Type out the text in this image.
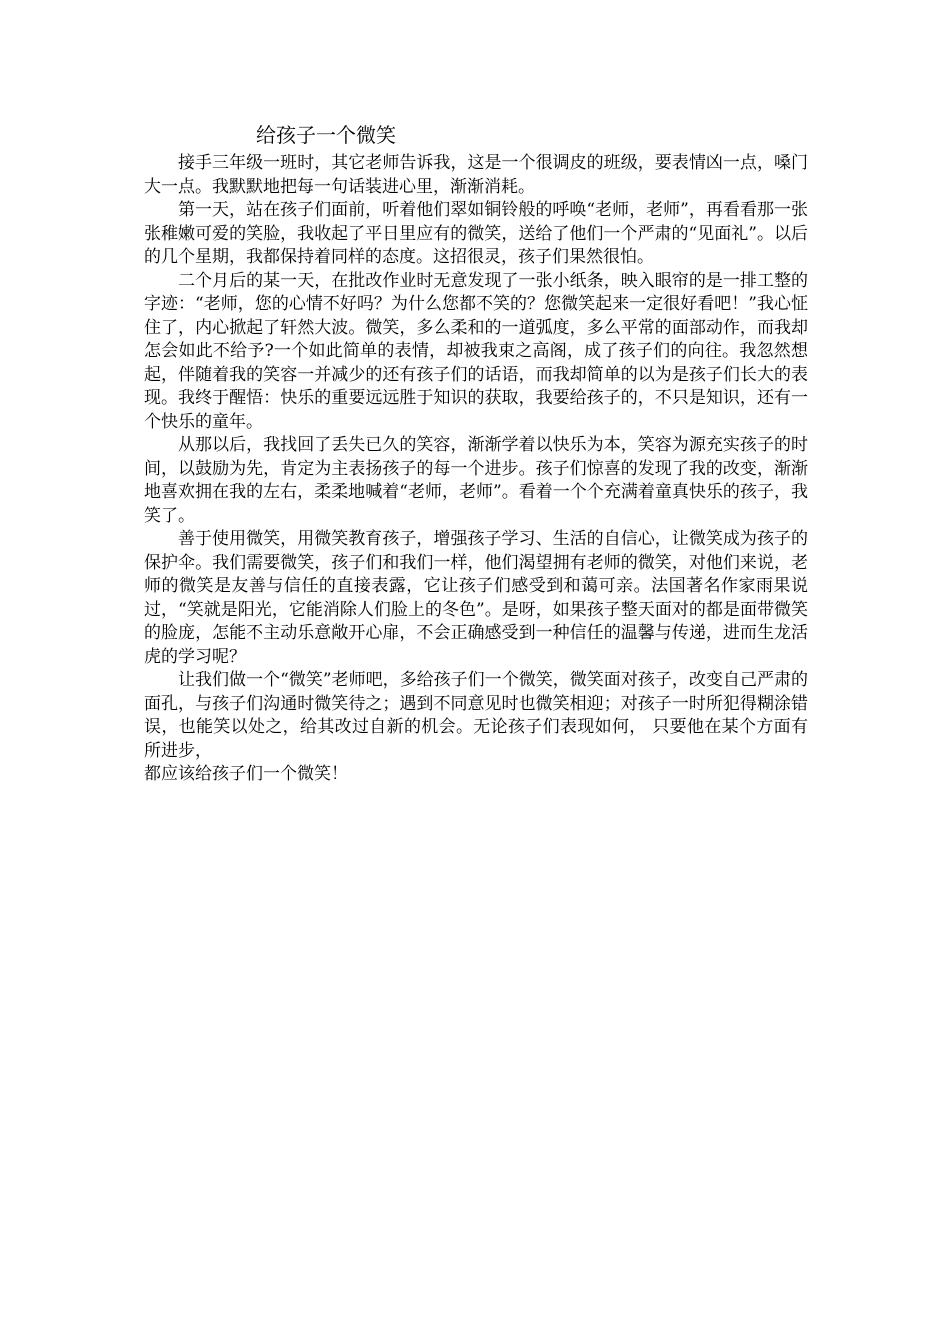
给孩子一个微笑

接手三年级一班时，其它老师告诉我，这是一个很调皮的班级，要表情凶一点，嗓门大一点。我默默地把每一句话装进心里，渐渐消耗。

第一天，站在孩子们面前，听着他们翠如铜铃般的呼唤“老师，老师”，再看看那一张张稚嫩可爱的笑脸，我收起了平日里应有的微笑，送给了他们一个严肃的“见面礼”。以后的几个星期，我都保持着同样的态度。这招很灵，孩子们果然很怕。

二个月后的某一天，在批改作业时无意发现了一张小纸条，映入眼帘的是一排工整的字迹：“老师，您的心情不好吗？为什么您都不笑的？您微笑起来一定很好看吧！”我心怔住了，内心掀起了轩然大波。微笑，多么柔和的一道弧度，多么平常的面部动作，而我却怎会如此不给予?一个如此简单的表情，却被我束之高阁，成了孩子们的向往。我忽然想起，伴随着我的笑容一并减少的还有孩子们的话语，而我却简单的以为是孩子们长大的表现。我终于醒悟：快乐的重要远远胜于知识的获取，我要给孩子的，不只是知识，还有一个快乐的童年。

从那以后，我找回了丢失已久的笑容，渐渐学着以快乐为本，笑容为源充实孩子的时间，以鼓励为先，肯定为主表扬孩子的每一个进步。孩子们惊喜的发现了我的改变，渐渐地喜欢拥在我的左右，柔柔地喊着“老师，老师”。看着一个个充满着童真快乐的孩子，我笑了。

善于使用微笑，用微笑教育孩子，增强孩子学习、生活的自信心，让微笑成为孩子的保护伞。我们需要微笑，孩子们和我们一样，他们渴望拥有老师的微笑，对他们来说，老师的微笑是友善与信任的直接表露，它让孩子们感受到和蔼可亲。法国著名作家雨果说过，“笑就是阳光，它能消除人们脸上的冬色”。是呀，如果孩子整天面对的都是面带微笑的脸庞，怎能不主动乐意敞开心扉，不会正确感受到一种信任的温馨与传递，进而生龙活虎的学习呢？

让我们做一个“微笑”老师吧，多给孩子们一个微笑，微笑面对孩子，改变自己严肃的面孔，与孩子们沟通时微笑待之；遇到不同意见时也微笑相迎；对孩子一时所犯得糊涂错误，也能笑以处之，给其改过自新的机会。无论孩子们表现如何， 只要他在某个方面有所进步，

都应该给孩子们一个微笑！
